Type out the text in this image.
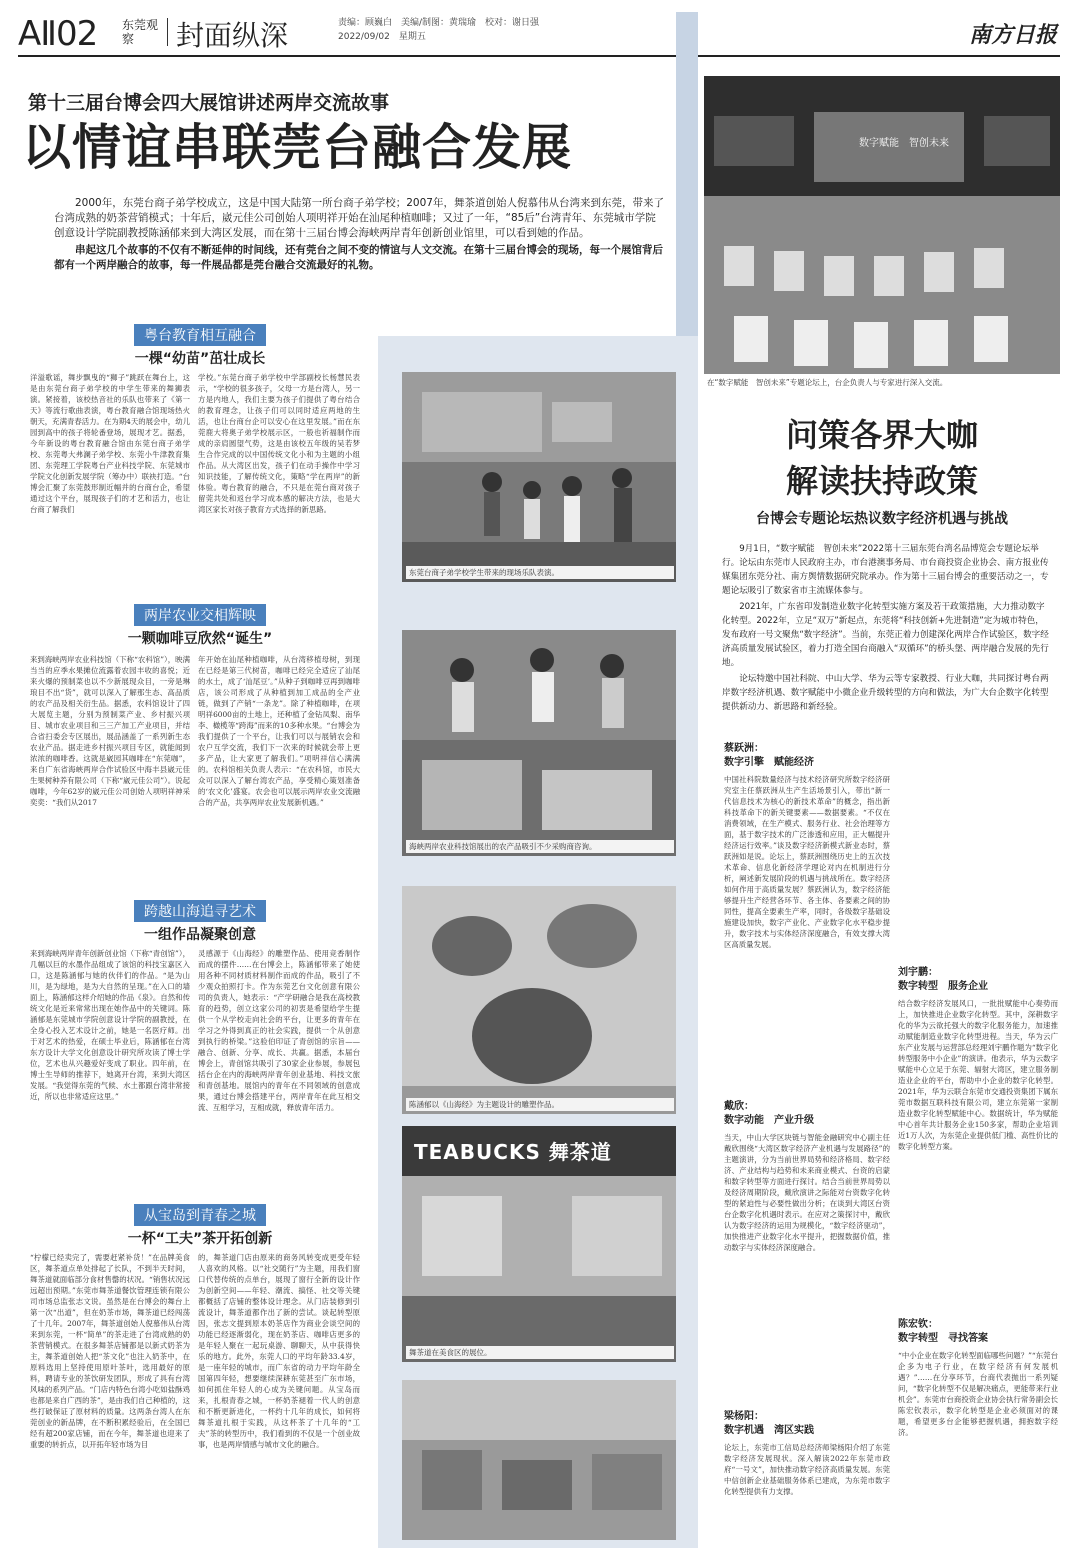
AⅡ02 东莞观察	封面纵深	责编：顾巍白　美编/制图：黄瑞瑜　校对：谢日强
2022/09/02　星期五	南方日报
第十三届台博会四大展馆讲述两岸交流故事
以情谊串联莞台融合发展

2000年，东莞台商子弟学校成立，这是中国大陆第一所台商子弟学校；2007年，舞茶道创始人倪慕伟从台湾来到东莞，带来了台湾成熟的奶茶营销模式；十年后，崴元佳公司创始人项明祥开始在汕尾种植咖啡；又过了一年，“85后”台湾青年、东莞城市学院创意设计学院副教授陈涵郁来到大湾区发展，而在第十三届台博会海峡两岸青年创新创业馆里，可以看到她的作品。

串起这几个故事的不仅有不断延伸的时间线，还有莞台之间不变的情谊与人文交流。在第十三届台博会的现场，每一个展馆背后都有一个两岸融合的故事，每一件展品都是莞台融合交流最好的礼物。

粤台教育相互融合
一棵“幼苗”茁壮成长
洋溢歌谣，舞步飘曳的“狮子”跳跃在舞台上，这是由东莞台商子弟学校的中学生带来的舞狮表演。紧接着，该校热音社的乐队也带来了《第一天》等流行歌曲表演，粤台教育融合馆现场热火朝天，充满青春活力。在为期4天的展会中，幼儿园到高中的孩子将轮番登场，展现才艺。据悉，今年新设的粤台教育融合馆由东莞台商子弟学校、东莞粤大弗澜子弟学校、东莞小牛津教育集团、东莞理工学院粤台产业科技学院、东莞城市学院文化创新发展学院（筹办中）联袂打造。“台博会汇聚了东莞鼓形制近幅并的台商台企，希望通过这个平台，展现孩子们的才艺和活力，也让台商了解我们
学校。”东莞台商子弟学校中学部副校长杨慧民表示，“学校的很多孩子，父母一方是台湾人，另一方是内地人，我们主要为孩子们提供了粤台结合的教育理念，让孩子们可以同时适应两地的生活，也让台商台企可以安心在这里发展。”而在东莞鹿大将奥子弟学校展示区，一般也祈福制作而成的亲肩圆望气势，这是由该校五年级的吴若梦生合作完成的以中国传统文化小和为主题的小组作品。从大湾区出发，孩子们在动手操作中学习知识技能，了解传统文化，策略“学在两岸”的新体验。粤台教育的融合，不只是在莞台商对孩子留莞共处和返台学习成本感的解决方法，也是大湾区家长对孩子教育方式选择的新思路。
两岸农业交相辉映
一颗咖啡豆欣然“诞生”
来到海峡两岸农业科技馆（下称“农科馆”），映满当当的应季水果摊位流露着农园丰收的喜悦；近来火爆的预制菜也以不少新展现众目，一旁是琳琅目不出“货”，就可以深入了解那生态、高品质的农产品及相关衍生品。据悉，农科馆设计了四大展览主题，分别为预制菜产业、乡村振兴项目、城市农业项目和三三产加工产业项目，并结合省扫委会专区展出，展品涵盖了一系列新生态农业产品。据走进乡村振兴项目专区，就能闻到浓浓的咖啡香。这就是崴园其咖啡在“东莞咖”，来自广东省海峡两岸合作试验区中海丰县崴元佳生果树种养有限公司（下称“崴元佳公司”）。说起咖啡，今年62岁的崴元佳公司创始人项明祥神采奕奕：“我们从2017
年开始在汕尾种植咖啡，从台湾移植母树，到现在已经是第三代树苗，咖啡已经完全适应了汕尾的水土，成了‘汕尾豆’。”从种子到咖啡豆再到咖啡店，该公司形成了从种植到加工成品的全产业链，做到了产销“一条龙”。除了种植咖啡，在项明祥6000亩的土地上，还种植了金钻凤梨、南华李、橄榄等“跨海”而来的10多种水果。“台博会为我们提供了一个平台，让我们可以与展销农会和农户互学交流，我们下一次来的时候就会带上更多产品，让大家更了解我们。”项明祥信心满满的。农科馆相关负责人表示：“在农科馆，市民大众可以深入了解台湾农产品，享受精心策划准备的‘农文化’盛宴。农会也可以展示两岸农业交流融合的产品，共享两岸农业发展新机遇。”
跨越山海追寻艺术
一组作品凝聚创意
来到海峡两岸青年创新创业馆（下称“青创馆”），几幅以巨的水墨作品组成了该馆的科技宝嘉区入口，这是陈涵郁与她的伙伴们的作品。“是为山川，是为绿地，是为大自然的呈现。”在入口的墙面上，陈涵郁这样介绍她的作品《泉》。自然和传统文化是近来常常出现在她作品中的关键词。陈涵郁是东莞城市学院创意设计学院的副教授，在全身心投入艺术设计之前，她是一名医疗师。出于对艺术的热爱，在硕士毕业后，陈涵郁在台湾东方设计大学文化创意设计研究所攻读了博士学位，艺术也从兴趣爱好变成了职业。四年前，在博士生导师的推荐下，她离开台湾，来到大湾区发展。“我觉得东莞的气候、水土都跟台湾非常接近，所以也非常适应这里。”
灵感源于《山海经》的雕塑作品、使用竞香制作而成的摆件……在台博会上，陈涵郁带来了她使用各种不同材质材料制作而成的作品，吸引了不少观众拍照打卡。作为东莞艺台文化创意有限公司的负责人，她表示：“产学研融合是我在高校教育的趋势，创立这家公司的初衷是希望给学生提供一个从学校走向社会的平台，让更多的青年在学习之外得到真正的社会实践，提供一个从创意到执行的桥梁。”这验伯印证了青创馆的宗旨——融合、创新、分享、成长、共赢。据悉，本届台博会上，青创馆共吸引了30家企业参展，参展包括台企在内的海峡两岸青年创业基地、科技文旅和青创基地。展馆内的青年在不同领域的创意成果，通过台博会搭建平台，两岸青年在此互相交流、互相学习，互相成就，释放青年活力。
从宝岛到青春之城
一杯“工夫”茶开拓创新
“柠檬已经卖完了，需要赶紧补货！”在品牌美食区，舞茶道点单处排起了长队，不到半天时间，舞茶道就面临部分食材售罄的状况。“销售状况远远超出预期。”东莞市舞茶道餐饮管理连锁有限公司市场总监张志文说。虽然是在台博会的舞台上第一次“出道”，但在奶茶市场，舞茶道已经闯荡了十几年。2007年，舞茶道创始人倪慕伟从台湾来到东莞，一杯“简单”的茶走进了台湾成熟的奶茶营销模式。在很多舞茶店铺都是以新式奶茶为主，舞茶道创始人把“茶文化”也注入奶茶中，在原料选用上坚持使用原叶茶叶，选用最好的原料，聘请专业的茶饮研发团队，形成了具有台湾风味的系列产品。“门店内特色台湾小吃如盐酥鸡也都是来自广西的茶”，是由我们自己种植的，这些打破保证了原材料的质量。这两条台湾人在东莞创业的新品牌，在不断积累经验后，在全国已经有超200家店铺，而在今年，舞茶道也迎来了重要的转折点，以开拓年轻市场为目
的，舞茶道门店由原来的商务风转变成更受年轻人喜欢的风格。以“社交随行”为主题，用我们窗口代替传统的点单台，展现了窗行全新的设计作为创新空间——年轻、潮流、搞怪、社交等关键都概括了店铺的整体设计理念。从门店装修到引流设计，舞茶道都作出了新的尝试。谈起转型原因，张志文提到原本奶茶店作为商业会谈空间的功能已经逐渐弱化，现在奶茶店、咖啡店更多的是年轻人聚在一起玩桌游、聊聊天，从中获得快乐的地方。此外，东莞人口的平均年龄33.4岁，是一座年轻的城市，而广东省的动力平均年龄全国第四年轻，想要继续深耕东莞甚至广东市场，如何抓住年轻人的心成为关键问题。从宝岛而来，扎根青春之城，一杯奶茶褪着一代人的创意和不断更新进化，一杯约十几年的成长，如何将舞茶道扎根于实践，从这杯茶了十几年的“工夫”茶的转型历中，我们看到的不仅是一个创业故事，也是两岸情感与城市文化的融合。
东莞台商子弟学校学生带来的现场乐队表演。
海峡两岸农业科技馆展出的农产品吸引不少采购商咨询。
陈涵郁以《山海经》为主题设计的雕塑作品。
TEABUCKS 舞茶道
舞茶道在美食区的展位。
数字赋能　智创未来
在“数字赋能　智创未来”专题论坛上，台企负责人与专家进行深入交流。
问策各界大咖
解读扶持政策
台博会专题论坛热议数字经济机遇与挑战

9月1日，“数字赋能　智创未来”2022第十三届东莞台湾名品博览会专题论坛举行。论坛由东莞市人民政府主办，市台港澳事务局、市台商投资企业协会、南方报业传媒集团东莞分社、南方舆情数据研究院承办。作为第十三届台博会的重要活动之一，专题论坛吸引了数家省市主流媒体参与。

2021年，广东省印发制造业数字化转型实施方案及若干政策措施，大力推动数字化转型。2022年，立足“双万”新起点，东莞将“科技创新+先进制造”定为城市特色，发布政府一号文聚焦“数字经济”。当前，东莞正着力创建深化两岸合作试验区，数字经济高质量发展试验区，着力打造全国台商融入“双循环”的桥头堡、两岸融合发展的先行地。

论坛特邀中国社科院、中山大学、华为云等专家教授、行业大咖，共同探讨粤台两岸数字经济机遇、数字赋能中小微企业升级转型的方向和做法，为广大台企数字化转型提供新动力、新思路和新经验。

蔡跃洲：
数字引擎　赋能经济
中国社科院数量经济与技术经济研究所数字经济研究室主任蔡跃洲从生产生活场景引入，带出“新一代信息技术为核心的新技术革命”的概念，指出新科技革命下的新关键要素——数据要素。“不仅在消费领域，在生产模式、服务行业、社会治理等方面，基于数字技术的广泛渗透和应用，正大幅提升经济运行效率。”谈及数字经济新模式新业态时，蔡跃洲如是说。论坛上，蔡跃洲围绕历史上的五次技术革命、信息化新经济学理论对内在机制进行分析，阐述新发展阶段的机遇与挑战所在。数字经济如何作用于高质量发展？蔡跃洲认为，数字经济能够提升生产经营各环节、各主体、各要素之间的协同性，提高全要素生产率，同时，各级数字基础设施建设加快，数字产业化、产业数字化水平稳步提升，数字技术与实体经济深度融合，有效支撑大湾区高质量发展。
戴欣：
数字动能　产业升级
当天，中山大学区块链与智能金融研究中心副主任戴欣围绕“大湾区数字经济产业机遇与发展路径”的主题演讲，分为当前世界局势和经济格局、数字经济、产业结构与趋势和未来商业模式、台资的启蒙和数字转型等方面进行探讨。结合当前世界局势以及经济周期阶段，戴欣演讲之际能对台资数字化转型的紧迫性与必要性做出分析；在谈到大湾区台资台企数字化机遇时表示。在应对之策探讨中，戴欣认为数字经济的运用为规模化，“数字经济驱动”，加快推进产业数字化水平提升，把握数据价值，推动数字与实体经济深度融合。
梁杨阳：
数字机遇　湾区实践
论坛上，东莞市工信局总经济师梁杨阳介绍了东莞数字经济发展现状。深入解读2022年东莞市政府“一号文”，加快推动数字经济高质量发展。东莞中信创新企业基础服务体系已建成，为东莞市数字化转型提供有力支撑。
刘宇鹏：
数字转型　服务企业
结合数字经济发展风口，一批批赋能中心奏势而上，加快推进企业数字化转型。其中，深耕数字化的华为云欲托强大的数字化服务能力，加速推动赋能制造业数字化转型进程。当天，华为云广东产业发展与运营部总经理刘宇鹏作题为“数字化转型服务中小企业”的演讲。他表示，华为云数字赋能中心立足于东莞、辐射大湾区，建立服务制造业企业的平台，帮助中小企业的数字化转型。2021年，华为云联合东莞市交通投资集团下属东莞市数据互联科技有限公司，建立东莞第一家制造业数字化转型赋能中心。数据统计，华为赋能中心首年共计服务企业150多家，帮助企业培训近1万人次，为东莞企业提供低门槛、高性价比的数字化转型方案。
陈宏钦：
数字转型　寻找答案
“中小企业在数字化转型面临哪些问题？”“东莞台企多为电子行业，在数字经济有何发展机遇？”……在分享环节，台商代表抛出一系列疑问，“数字化转型不仅是解决痛点，更能带来行业机会”。东莞市台商投资企业协会执行常务副会长陈宏钦表示，数字化转型是企业必须面对的课题，希望更多台企能够把握机遇，拥抱数字经济。
